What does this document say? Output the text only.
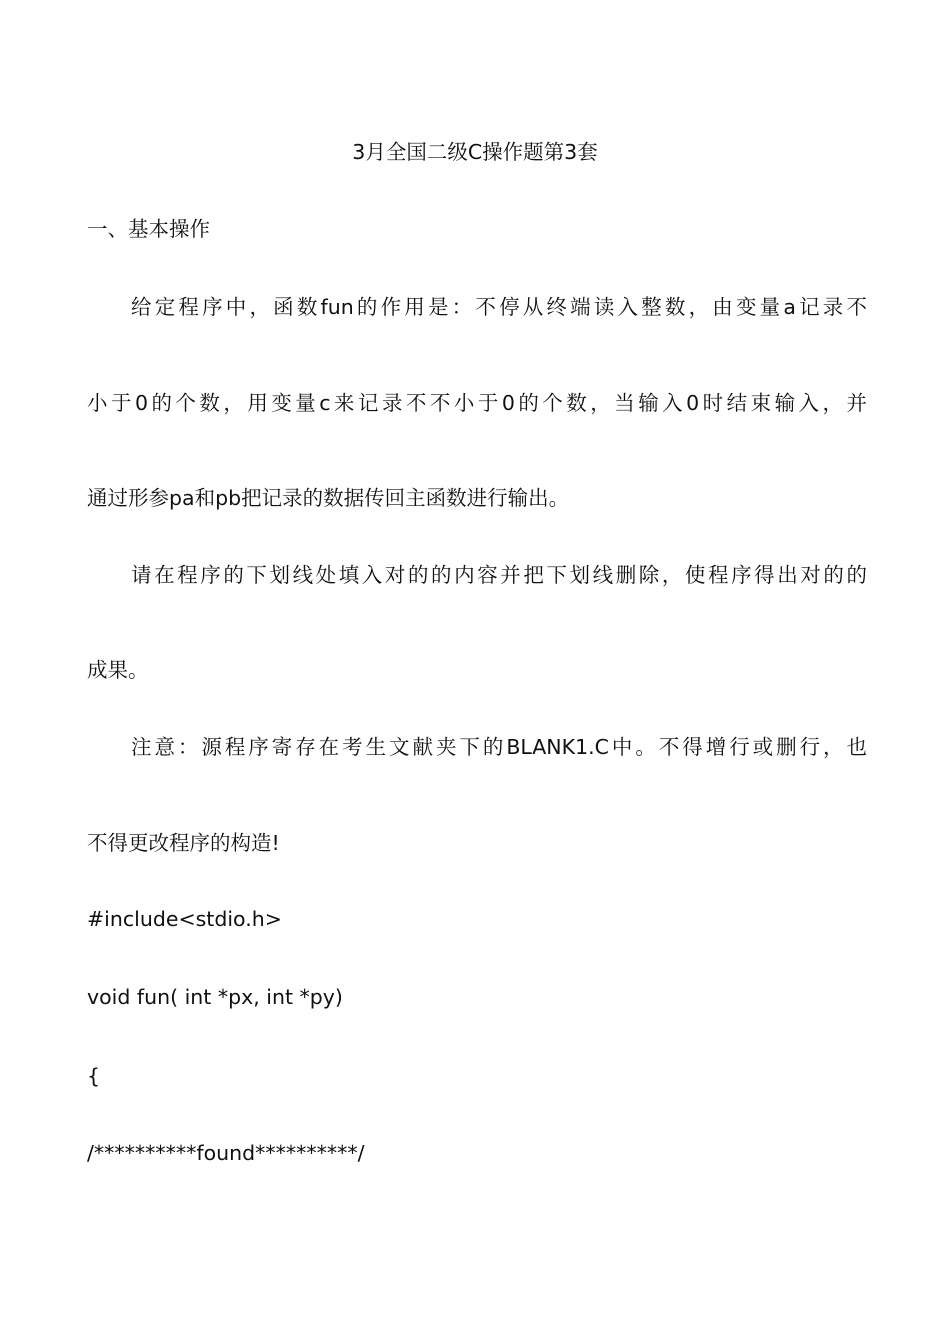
3月全国二级C操作题第3套
一、基本操作
给定程序中，函数fun的作用是：不停从终端读入整数，由变量a记录不
小于0的个数，用变量c来记录不不小于0的个数，当输入0时结束输入，并
通过形参pa和pb把记录的数据传回主函数进行输出。
请在程序的下划线处填入对的的内容并把下划线删除，使程序得出对的的
成果。
注意：源程序寄存在考生文献夹下的BLANK1.C中。不得增行或删行，也
不得更改程序的构造!
#include<stdio.h>
void fun( int *px, int *py)
{
/**********found**********/
